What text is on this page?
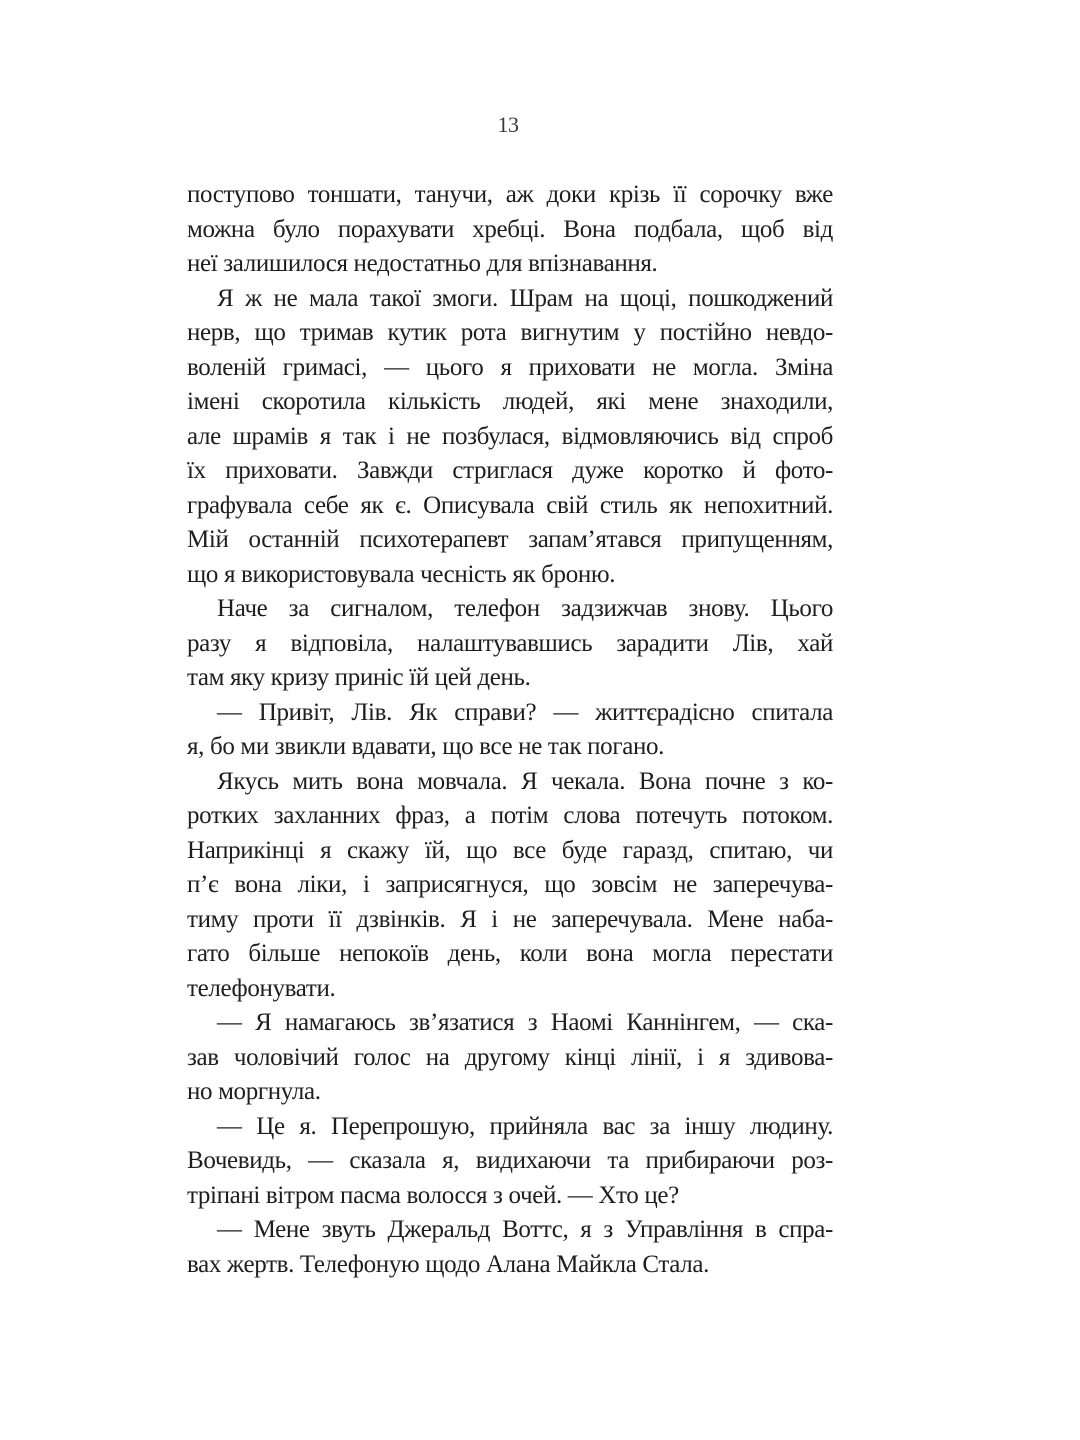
13
поступово тоншати, танучи, аж доки крізь її сорочку вже
можна було порахувати хребці. Вона подбала, щоб від
неї залишилося недостатньо для впізнавання.
Я ж не мала такої змоги. Шрам на щоці, пошкоджений
нерв, що тримав кутик рота вигнутим у постійно невдо-
воленій гримасі, — цього я приховати не могла. Зміна
імені скоротила кількість людей, які мене знаходили,
але шрамів я так і не позбулася, відмовляючись від спроб
їх приховати. Завжди стриглася дуже коротко й фото-
графувала себе як є. Описувала свій стиль як непохитний.
Мій останній психотерапевт запам’ятався припущенням,
що я використовувала чесність як броню.
Наче за сигналом, телефон задзижчав знову. Цього
разу я відповіла, налаштувавшись зарадити Лів, хай
там яку кризу приніс їй цей день.
— Привіт, Лів. Як справи? — життєрадісно спитала
я, бо ми звикли вдавати, що все не так погано.
Якусь мить вона мовчала. Я чекала. Вона почне з ко-
ротких захланних фраз, а потім слова потечуть потоком.
Наприкінці я скажу їй, що все буде гаразд, спитаю, чи
п’є вона ліки, і заприсягнуся, що зовсім не заперечува-
тиму проти її дзвінків. Я і не заперечувала. Мене наба-
гато більше непокоїв день, коли вона могла перестати
телефонувати.
— Я намагаюсь зв’язатися з Наомі Каннінгем, — ска-
зав чоловічий голос на другому кінці лінії, і я здивова-
но моргнула.
— Це я. Перепрошую, прийняла вас за іншу людину.
Вочевидь, — сказала я, видихаючи та прибираючи роз-
тріпані вітром пасма волосся з очей. — Хто це?
— Мене звуть Джеральд Воттс, я з Управління в спра-
вах жертв. Телефоную щодо Алана Майкла Стала.
